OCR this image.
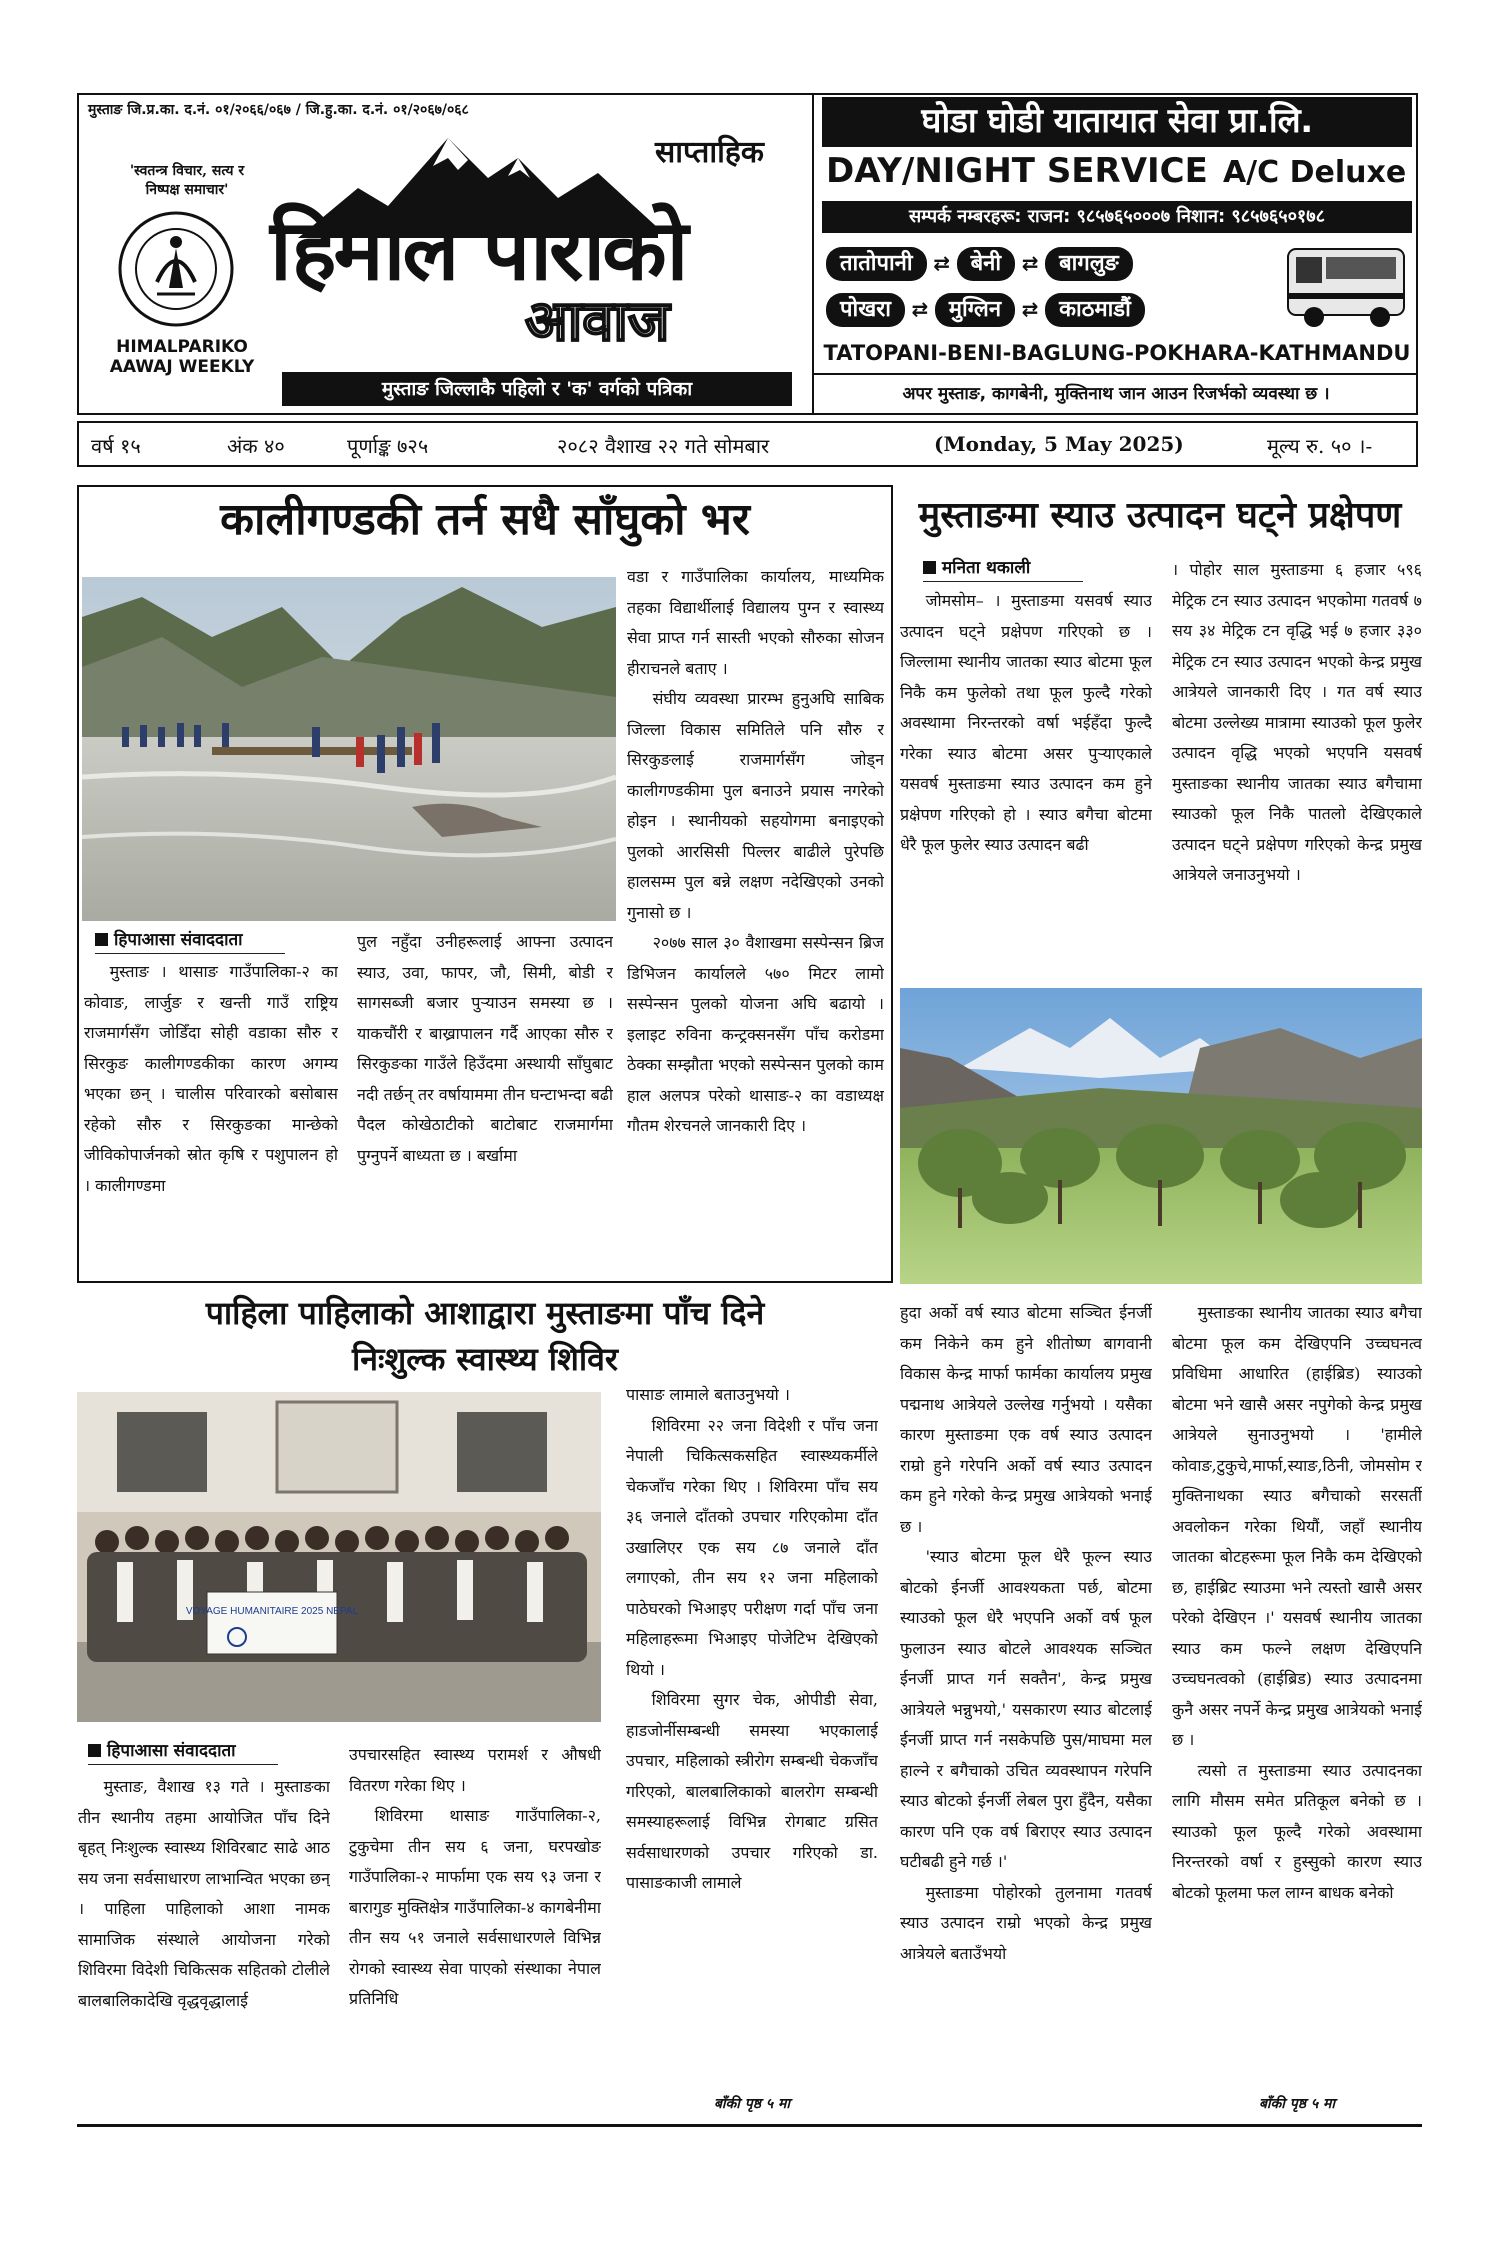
मुस्ताङ जि.प्र.का. द.नं. ०१/२०६६/०६७ / जि.हु.का. द.नं. ०१/२०६७/०६८
'स्वतन्त्र विचार, सत्य र निष्पक्ष समाचार'
HIMALPARIKO
AAWAJ WEEKLY
साप्ताहिक
हिमाल पारीको
आवाज
मुस्ताङ जिल्लाकै पहिलो र 'क' वर्गको पत्रिका
घोडा घोडी यातायात सेवा प्रा.लि.
DAY/NIGHT SERVICE A/C Deluxe
सम्पर्क नम्बरहरू: राजन: ९८५७६५०००७ निशान: ९८५७६५०१७८
तातोपानी ⇄ बेनी ⇄ बागलुङ
पोखरा ⇄ मुग्लिन ⇄ काठमाडौं
TATOPANI-BENI-BAGLUNG-POKHARA-KATHMANDU
अपर मुस्ताङ, कागबेनी, मुक्तिनाथ जान आउन रिजर्भको व्यवस्था छ ।
वर्ष १५	अंक ४०	पूर्णाङ्क ७२५	२०८२ वैशाख २२ गते सोमबार	(Monday, 5 May 2025)	मूल्य रु. ५० ।-
कालीगण्डकी तर्न सधै साँघुको भर
हिपाआसा संवाददाता

मुस्ताङ । थासाङ गाउँपालिका-२ का कोवाङ, लार्जुङ र खन्ती गाउँ राष्ट्रिय राजमार्गसँग जोडिँदा सोही वडाका सौरु र सिरकुङ कालीगण्डकीका कारण अगम्य भएका छन् । चालीस परिवारको बसोबास रहेको सौरु र सिरकुङका मान्छेको जीविकोपार्जनको स्रोत कृषि र पशुपालन हो । कालीगण्डमा

पुल नहुँदा उनीहरूलाई आफ्ना उत्पादन स्याउ, उवा, फापर, जौ, सिमी, बोडी र सागसब्जी बजार पुऱ्याउन समस्या छ । याकचौंरी र बाख्रापालन गर्दै आएका सौरु र सिरकुङका गाउँले हिउँदमा अस्थायी साँघुबाट नदी तर्छन् तर वर्षायाममा तीन घन्टाभन्दा बढी पैदल कोखेठाटीको बाटोबाट राजमार्गमा पुग्नुपर्ने बाध्यता छ । बर्खामा

वडा र गाउँपालिका कार्यालय, माध्यमिक तहका विद्यार्थीलाई विद्यालय पुग्न र स्वास्थ्य सेवा प्राप्त गर्न सास्ती भएको सौरुका सोजन हीराचनले बताए ।

संघीय व्यवस्था प्रारम्भ हुनुअघि साबिक जिल्ला विकास समितिले पनि सौरु र सिरकुङलाई राजमार्गसँग जोड्न कालीगण्डकीमा पुल बनाउने प्रयास नगरेको होइन । स्थानीयको सहयोगमा बनाइएको पुलको आरसिसी पिल्लर बाढीले पुरेपछि हालसम्म पुल बन्ने लक्षण नदेखिएको उनको गुनासो छ ।

२०७७ साल ३० वैशाखमा सस्पेन्सन ब्रिज डिभिजन कार्यालले ५७० मिटर लामो सस्पेन्सन पुलको योजना अघि बढायो । इलाइट रुविना कन्ट्रक्सनसँग पाँच करोडमा ठेक्का सम्झौता भएको सस्पेन्सन पुलको काम हाल अलपत्र परेको थासाङ-२ का वडाध्यक्ष गौतम शेरचनले जानकारी दिए ।

मुस्ताङमा स्याउ उत्पादन घट्ने प्रक्षेपण
मनिता थकाली

जोमसोम– । मुस्ताङमा यसवर्ष स्याउ उत्पादन घट्ने प्रक्षेपण गरिएको छ । जिल्लामा स्थानीय जातका स्याउ बोटमा फूल निकै कम फुलेको तथा फूल फुल्दै गरेको अवस्थामा निरन्तरको वर्षा भईहँदा फुल्दै गरेका स्याउ बोटमा असर पुऱ्याएकाले यसवर्ष मुस्ताङमा स्याउ उत्पादन कम हुने प्रक्षेपण गरिएको हो । स्याउ बगैचा बोटमा धेरै फूल फुलेर स्याउ उत्पादन बढी

। पोहोर साल मुस्ताङमा ६ हजार ५९६ मेट्रिक टन स्याउ उत्पादन भएकोमा गतवर्ष ७ सय ३४ मेट्रिक टन वृद्धि भई ७ हजार ३३० मेट्रिक टन स्याउ उत्पादन भएको केन्द्र प्रमुख आत्रेयले जानकारी दिए । गत वर्ष स्याउ बोटमा उल्लेख्य मात्रामा स्याउको फूल फुलेर उत्पादन वृद्धि भएको भएपनि यसवर्ष मुस्ताङका स्थानीय जातका स्याउ बगैचामा स्याउको फूल निकै पातलो देखिएकाले उत्पादन घट्ने प्रक्षेपण गरिएको केन्द्र प्रमुख आत्रेयले जनाउनुभयो ।

हुदा अर्को वर्ष स्याउ बोटमा सञ्चित ईनर्जी कम निकेने कम हुने शीतोष्ण बागवानी विकास केन्द्र मार्फा फार्मका कार्यालय प्रमुख पद्मनाथ आत्रेयले उल्लेख गर्नुभयो । यसैका कारण मुस्ताङमा एक वर्ष स्याउ उत्पादन राम्रो हुने गरेपनि अर्को वर्ष स्याउ उत्पादन कम हुने गरेको केन्द्र प्रमुख आत्रेयको भनाई छ ।

'स्याउ बोटमा फूल धेरै फूल्न स्याउ बोटको ईनर्जी आवश्यकता पर्छ, बोटमा स्याउको फूल धेरै भएपनि अर्को वर्ष फूल फुलाउन स्याउ बोटले आवश्यक सञ्चित ईनर्जी प्राप्त गर्न सक्तैन', केन्द्र प्रमुख आत्रेयले भन्नुभयो,' यसकारण स्याउ बोटलाई ईनर्जी प्राप्त गर्न नसकेपछि पुस/माघमा मल हाल्ने र बगैचाको उचित व्यवस्थापन गरेपनि स्याउ बोटको ईनर्जी लेबल पुरा हुँदैन, यसैका कारण पनि एक वर्ष बिराएर स्याउ उत्पादन घटीबढी हुने गर्छ ।'

मुस्ताङमा पोहोरको तुलनामा गतवर्ष स्याउ उत्पादन राम्रो भएको केन्द्र प्रमुख आत्रेयले बताउँभयो

मुस्ताङका स्थानीय जातका स्याउ बगैचा बोटमा फूल कम देखिएपनि उच्चघनत्व प्रविधिमा आधारित (हाईब्रिड) स्याउको बोटमा भने खासै असर नपुगेको केन्द्र प्रमुख आत्रेयले सुनाउनुभयो । 'हामीले कोवाङ,टुकुचे,मार्फा,स्याङ,ठिनी, जोमसोम र मुक्तिनाथका स्याउ बगैचाको सरसर्ती अवलोकन गरेका थियौं, जहाँ स्थानीय जातका बोटहरूमा फूल निकै कम देखिएको छ, हाईब्रिट स्याउमा भने त्यस्तो खासै असर परेको देखिएन ।' यसवर्ष स्थानीय जातका स्याउ कम फल्ने लक्षण देखिएपनि उच्चघनत्वको (हाईब्रिड) स्याउ उत्पादनमा कुनै असर नपर्ने केन्द्र प्रमुख आत्रेयको भनाई छ ।

त्यसो त मुस्ताङमा स्याउ उत्पादनका लागि मौसम समेत प्रतिकूल बनेको छ । स्याउको फूल फूल्दै गरेको अवस्थामा निरन्तरको वर्षा र हुस्सुको कारण स्याउ बोटको फूलमा फल लाग्न बाधक बनेको

बाँकी पृष्ठ ५ मा
पाहिला पाहिलाको आशाद्वारा मुस्ताङमा पाँच दिने
निःशुल्क स्वास्थ्य शिविर
VOYAGE HUMANITAIRE 2025 NEPAL
हिपाआसा संवाददाता

मुस्ताङ, वैशाख १३ गते । मुस्ताङका तीन स्थानीय तहमा आयोजित पाँच दिने बृहत् निःशुल्क स्वास्थ्य शिविरबाट साढे आठ सय जना सर्वसाधारण लाभान्वित भएका छन् । पाहिला पाहिलाको आशा नामक सामाजिक संस्थाले आयोजना गरेको शिविरमा विदेशी चिकित्सक सहितको टोलीले बालबालिकादेखि वृद्धवृद्धालाई

उपचारसहित स्वास्थ्य परामर्श र औषधी वितरण गरेका थिए ।

शिविरमा थासाङ गाउँपालिका-२, टुकुचेमा तीन सय ६ जना, घरपखोङ गाउँपालिका-२ मार्फामा एक सय ९३ जना र बारागुङ मुक्तिक्षेत्र गाउँपालिका-४ कागबेनीमा तीन सय ५१ जनाले सर्वसाधारणले विभिन्न रोगको स्वास्थ्य सेवा पाएको संस्थाका नेपाल प्रतिनिधि

पासाङ लामाले बताउनुभयो ।

शिविरमा २२ जना विदेशी र पाँच जना नेपाली चिकित्सकसहित स्वास्थ्यकर्मीले चेकजाँच गरेका थिए । शिविरमा पाँच सय ३६ जनाले दाँतको उपचार गरिएकोमा दाँत उखालिएर एक सय ८७ जनाले दाँत लगाएको, तीन सय १२ जना महिलाको पाठेघरको भिआइए परीक्षण गर्दा पाँच जना महिलाहरूमा भिआइए पोजेटिभ देखिएको थियो ।

शिविरमा सुगर चेक, ओपीडी सेवा, हाडजोर्नीसम्बन्धी समस्या भएकालाई उपचार, महिलाको स्त्रीरोग सम्बन्धी चेकजाँच गरिएको, बालबालिकाको बालरोग सम्बन्धी समस्याहरूलाई विभिन्न रोगबाट ग्रसित सर्वसाधारणको उपचार गरिएको डा. पासाङकाजी लामाले

बाँकी पृष्ठ ५ मा
